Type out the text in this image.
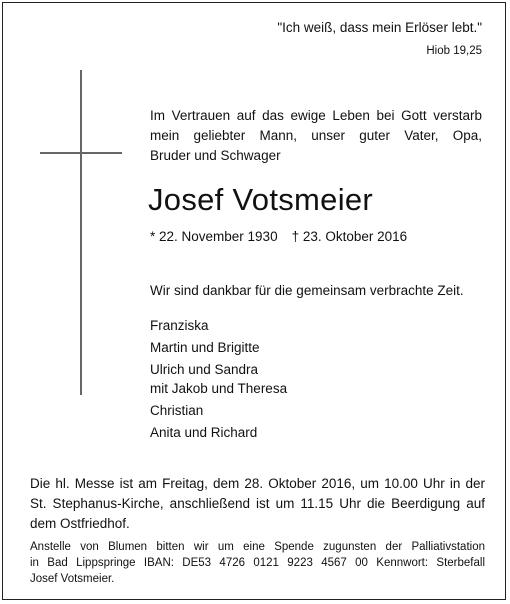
"Ich weiß, dass mein Erlöser lebt."
Hiob 19,25
Im Vertrauen auf das ewige Leben bei Gott verstarb
mein geliebter Mann, unser guter Vater, Opa,
Bruder und Schwager
Josef Votsmeier
* 22. November 1930 † 23. Oktober 2016
Wir sind dankbar für die gemeinsam verbrachte Zeit.
Franziska
Martin und Brigitte
Ulrich und Sandra
mit Jakob und Theresa
Christian
Anita und Richard
Die hl. Messe ist am Freitag, dem 28. Oktober 2016, um 10.00 Uhr in der
St. Stephanus-Kirche, anschließend ist um 11.15 Uhr die Beerdigung auf
dem Ostfriedhof.
Anstelle von Blumen bitten wir um eine Spende zugunsten der Palliativstation
in Bad Lippspringe IBAN: DE53 4726 0121 9223 4567 00 Kennwort: Sterbefall
Josef Votsmeier.
